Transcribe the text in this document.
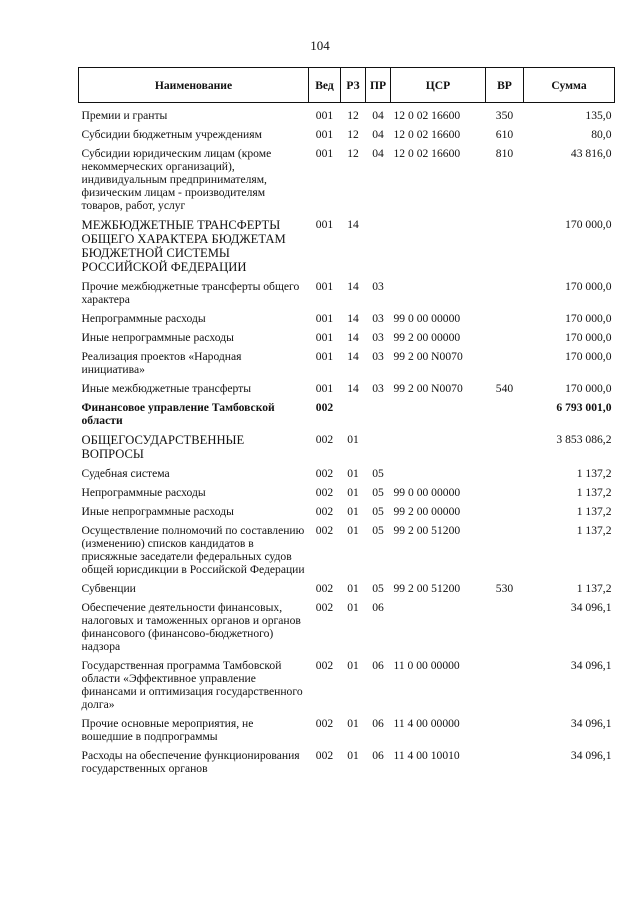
104
Наименование	Вед	РЗ	ПР	ЦСР	ВР	Сумма
Премии и гранты	001	12	04	12 0 02 16600	350	135,0
Субсидии бюджетным учреждениям	001	12	04	12 0 02 16600	610	80,0
Субсидии юридическим лицам (кроме некоммерческих организаций), индивидуальным предпринимателям, физическим лицам - производителям товаров, работ, услуг	001	12	04	12 0 02 16600	810	43 816,0
МЕЖБЮДЖЕТНЫЕ ТРАНСФЕРТЫ ОБЩЕГО ХАРАКТЕРА БЮДЖЕТАМ БЮДЖЕТНОЙ СИСТЕМЫ РОССИЙСКОЙ ФЕДЕРАЦИИ	001	14				170 000,0
Прочие межбюджетные трансферты общего характера	001	14	03			170 000,0
Непрограммные расходы	001	14	03	99 0 00 00000		170 000,0
Иные непрограммные расходы	001	14	03	99 2 00 00000		170 000,0
Реализация проектов «Народная инициатива»	001	14	03	99 2 00 N0070		170 000,0
Иные межбюджетные трансферты	001	14	03	99 2 00 N0070	540	170 000,0
Финансовое управление Тамбовской области	002					6 793 001,0
ОБЩЕГОСУДАРСТВЕННЫЕ ВОПРОСЫ	002	01				3 853 086,2
Судебная система	002	01	05			1 137,2
Непрограммные расходы	002	01	05	99 0 00 00000		1 137,2
Иные непрограммные расходы	002	01	05	99 2 00 00000		1 137,2
Осуществление полномочий по составлению (изменению) списков кандидатов в присяжные заседатели федеральных судов общей юрисдикции в Российской Федерации	002	01	05	99 2 00 51200		1 137,2
Субвенции	002	01	05	99 2 00 51200	530	1 137,2
Обеспечение деятельности финансовых, налоговых и таможенных органов и органов финансового (финансово-бюджетного) надзора	002	01	06			34 096,1
Государственная программа Тамбовской области «Эффективное управление финансами и оптимизация государственного долга»	002	01	06	11 0 00 00000		34 096,1
Прочие основные мероприятия, не вошедшие в подпрограммы	002	01	06	11 4 00 00000		34 096,1
Расходы на обеспечение функционирования государственных органов	002	01	06	11 4 00 10010		34 096,1
